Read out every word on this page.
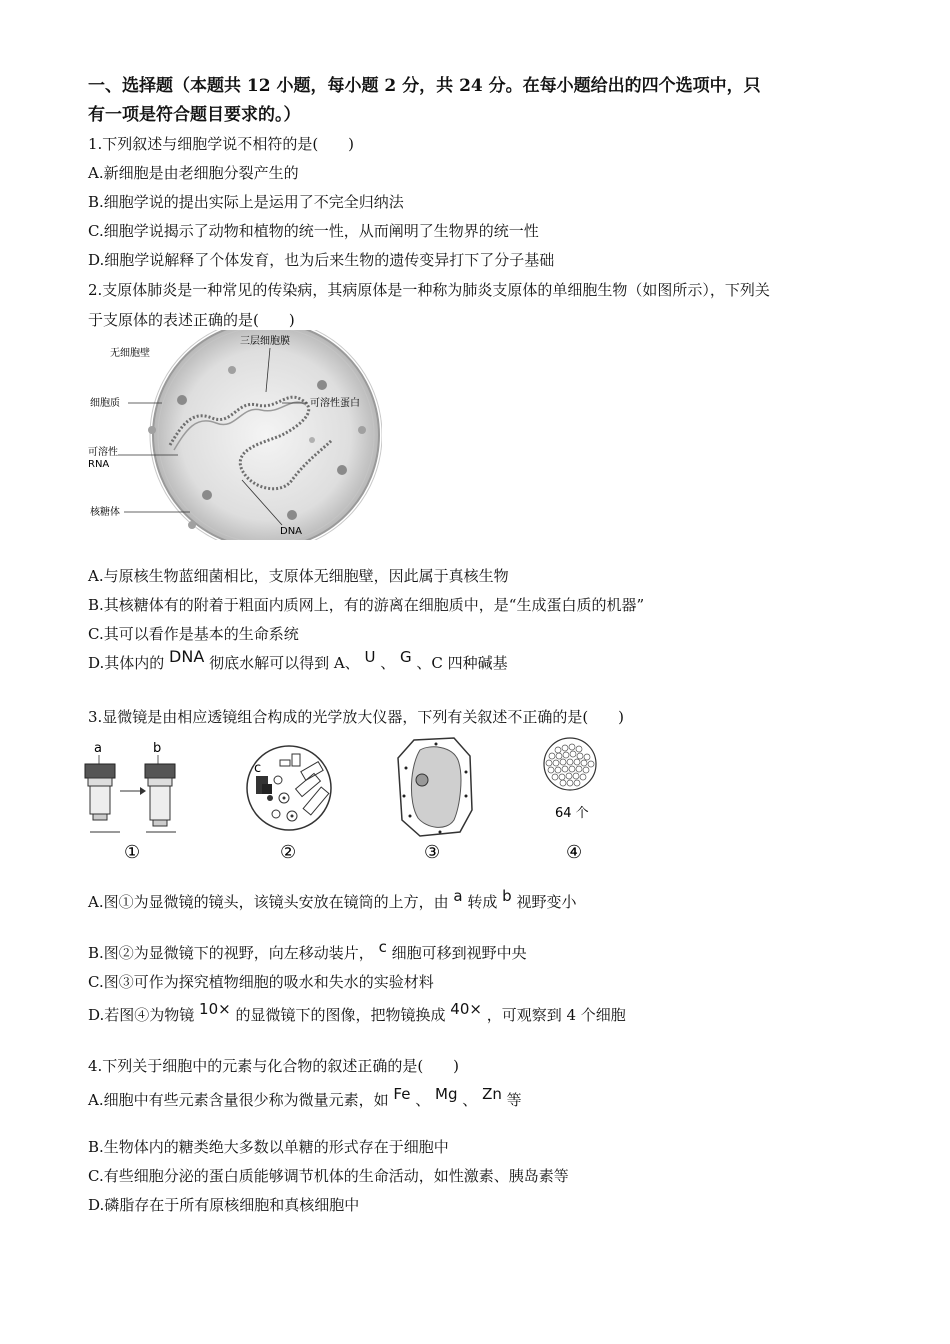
一、选择题（本题共 12 小题，每小题 2 分，共 24 分。在每小题给出的四个选项中，只
有一项是符合题目要求的。）
1.下列叙述与细胞学说不相符的是(　　)
A.新细胞是由老细胞分裂产生的
B.细胞学说的提出实际上是运用了不完全归纳法
C.细胞学说揭示了动物和植物的统一性，从而阐明了生物界的统一性
D.细胞学说解释了个体发育，也为后来生物的遗传变异打下了分子基础
2.支原体肺炎是一种常见的传染病，其病原体是一种称为肺炎支原体的单细胞生物（如图所示），下列关
于支原体的表述正确的是(　　)
无细胞壁
三层细胞膜
细胞质	可溶性蛋白
可溶性
RNA
核糖体
DNA
A.与原核生物蓝细菌相比，支原体无细胞壁，因此属于真核生物
B.其核糖体有的附着于粗面内质网上，有的游离在细胞质中，是“生成蛋白质的机器”
C.其可以看作是基本的生命系统
D.其体内的 DNA 彻底水解可以得到 A、 U 、 G 、C 四种碱基
3.显微镜是由相应透镜组合构成的光学放大仪器，下列有关叙述不正确的是(　　)
a	b
①
c
②	③
64 个
④
A.图①为显微镜的镜头，该镜头安放在镜筒的上方，由 a 转成 b 视野变小
B.图②为显微镜下的视野，向左移动装片， c 细胞可移到视野中央
C.图③可作为探究植物细胞的吸水和失水的实验材料
D.若图④为物镜 10× 的显微镜下的图像，把物镜换成 40× ，可观察到 4 个细胞
4.下列关于细胞中的元素与化合物的叙述正确的是(　　)
A.细胞中有些元素含量很少称为微量元素，如 Fe 、 Mg 、 Zn 等
B.生物体内的糖类绝大多数以单糖的形式存在于细胞中
C.有些细胞分泌的蛋白质能够调节机体的生命活动，如性激素、胰岛素等
D.磷脂存在于所有原核细胞和真核细胞中
